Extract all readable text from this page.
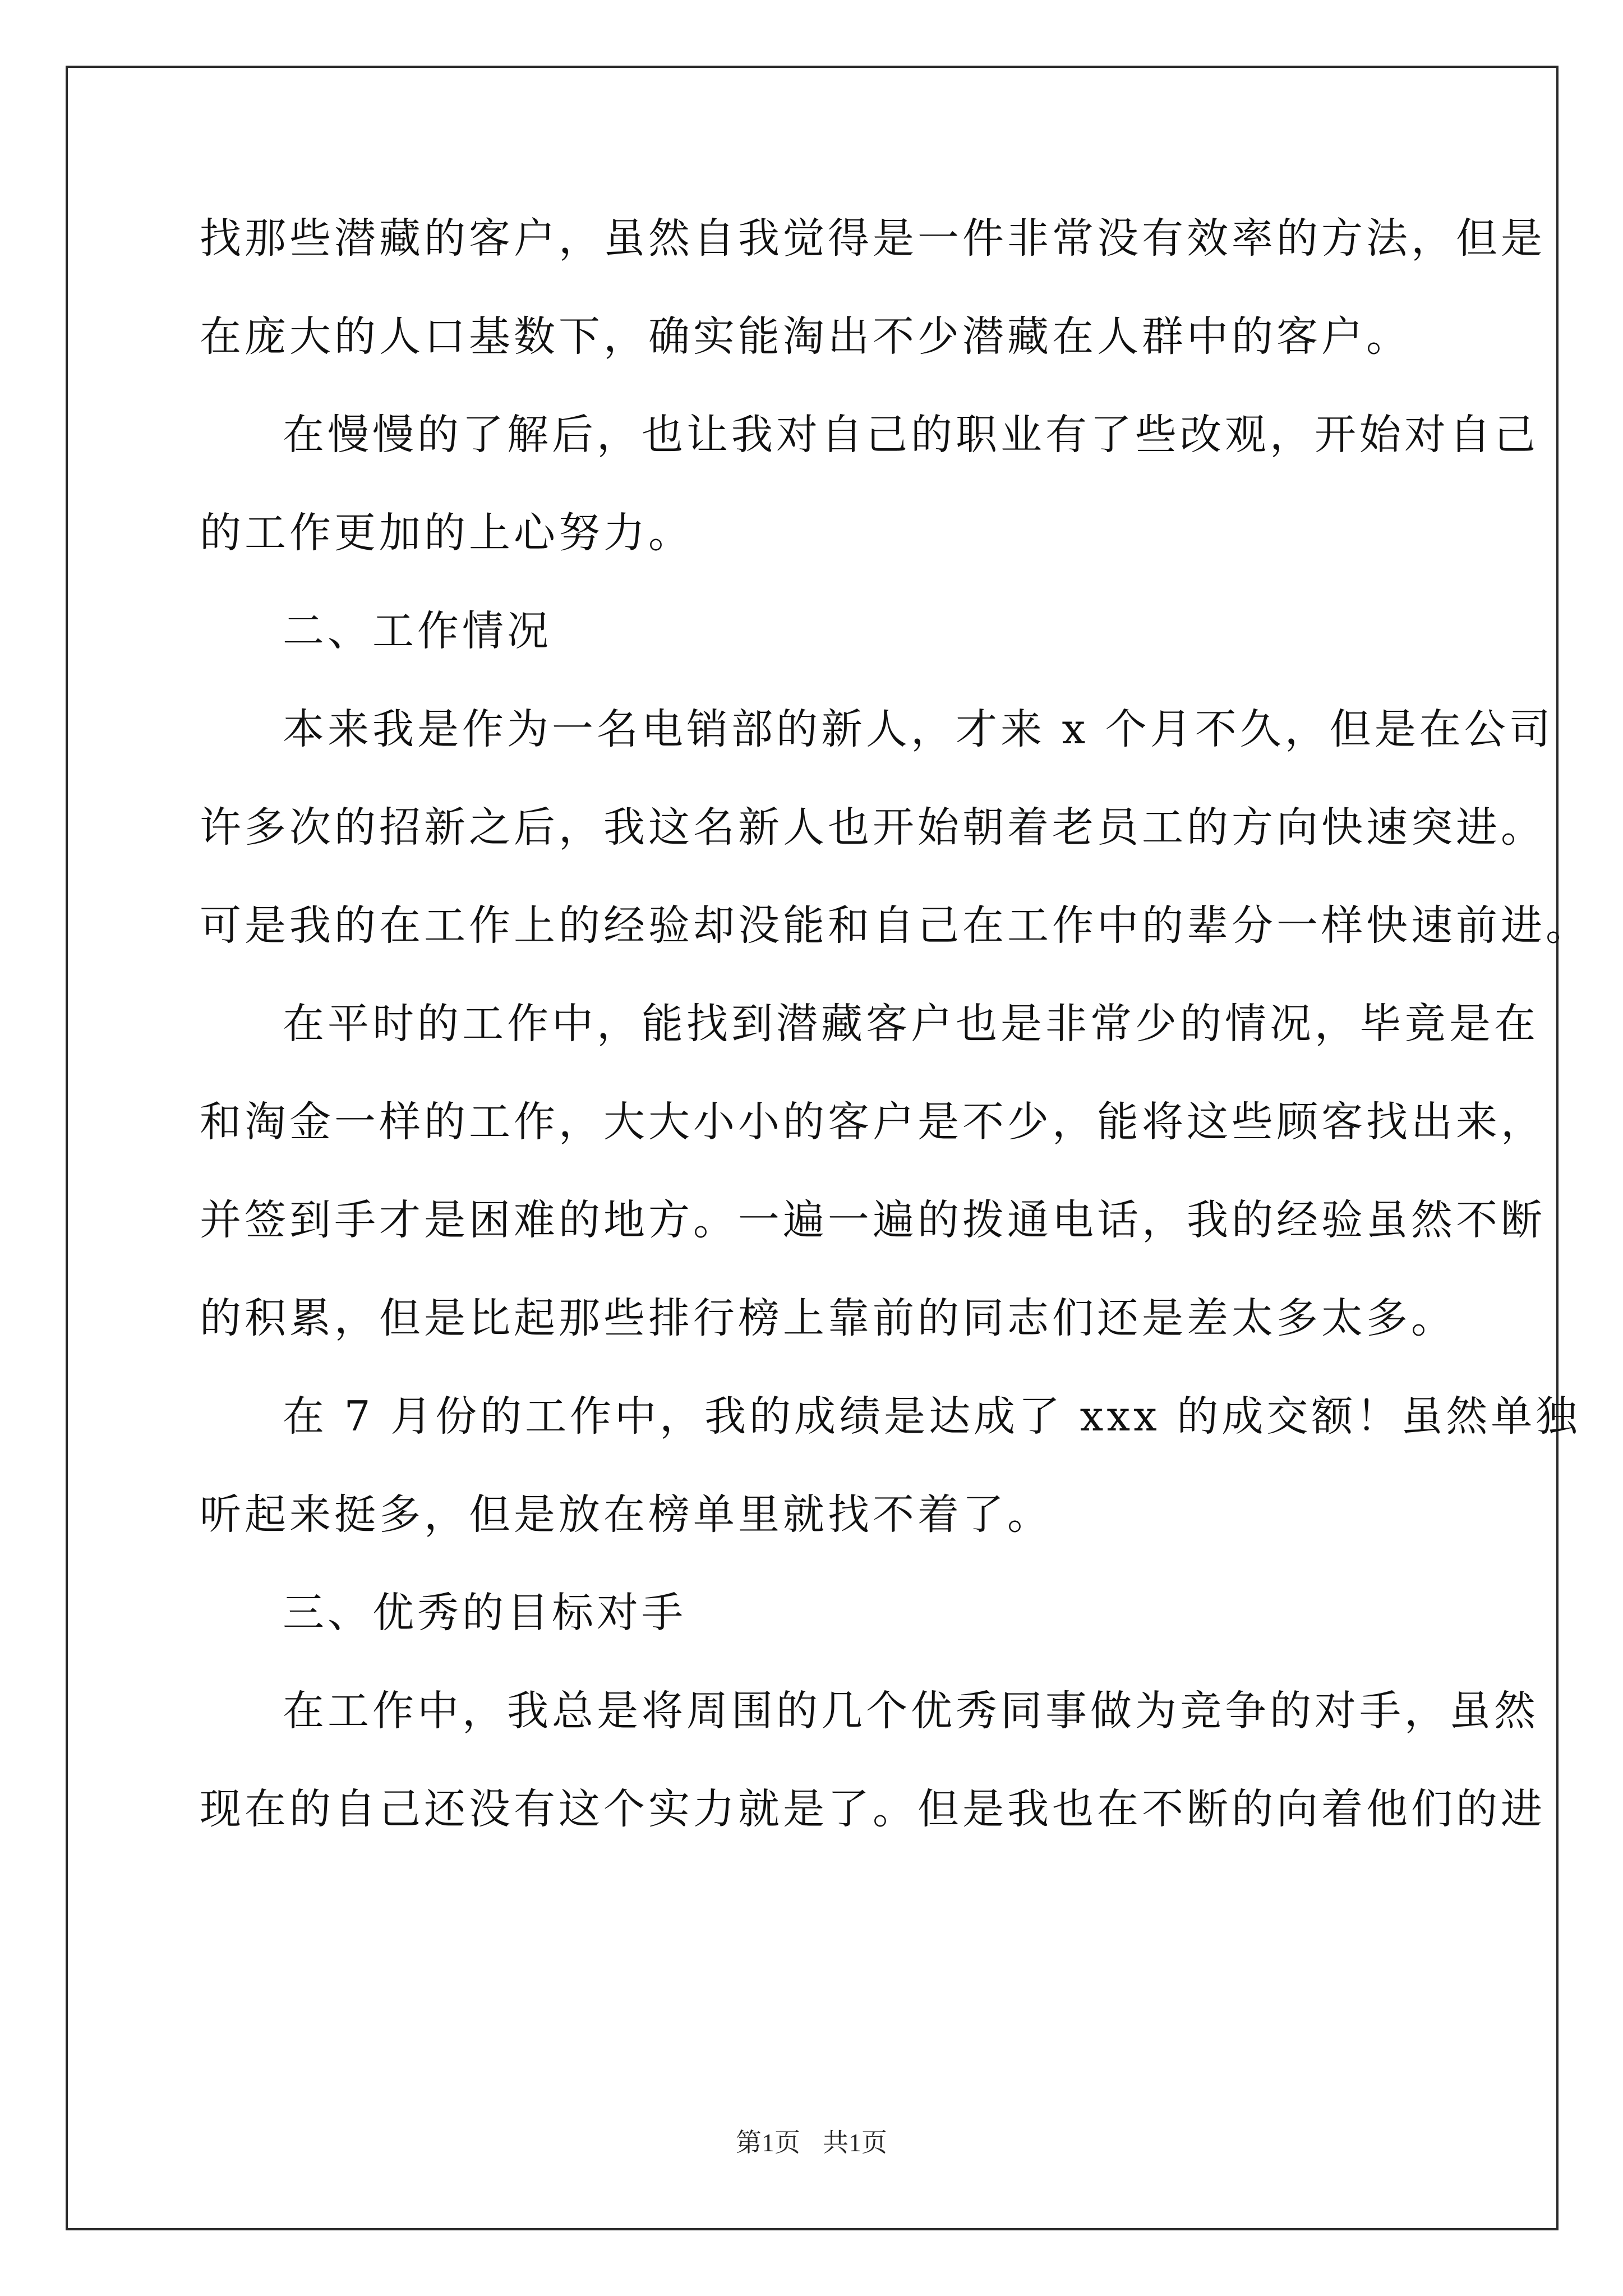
找那些潜藏的客户，虽然自我觉得是一件非常没有效率的方法，但是
在庞大的人口基数下，确实能淘出不少潜藏在人群中的客户。
在慢慢的了解后，也让我对自己的职业有了些改观，开始对自己
的工作更加的上心努力。
二、工作情况
本来我是作为一名电销部的新人，才来 x 个月不久，但是在公司
许多次的招新之后，我这名新人也开始朝着老员工的方向快速突进。
可是我的在工作上的经验却没能和自己在工作中的辈分一样快速前进。
在平时的工作中，能找到潜藏客户也是非常少的情况，毕竟是在
和淘金一样的工作，大大小小的客户是不少，能将这些顾客找出来，
并签到手才是困难的地方。一遍一遍的拨通电话，我的经验虽然不断
的积累，但是比起那些排行榜上靠前的同志们还是差太多太多。
在 7 月份的工作中，我的成绩是达成了 xxx 的成交额！虽然单独
听起来挺多，但是放在榜单里就找不着了。
三、优秀的目标对手
在工作中，我总是将周围的几个优秀同事做为竞争的对手，虽然
现在的自己还没有这个实力就是了。但是我也在不断的向着他们的进
第1页 共1页
